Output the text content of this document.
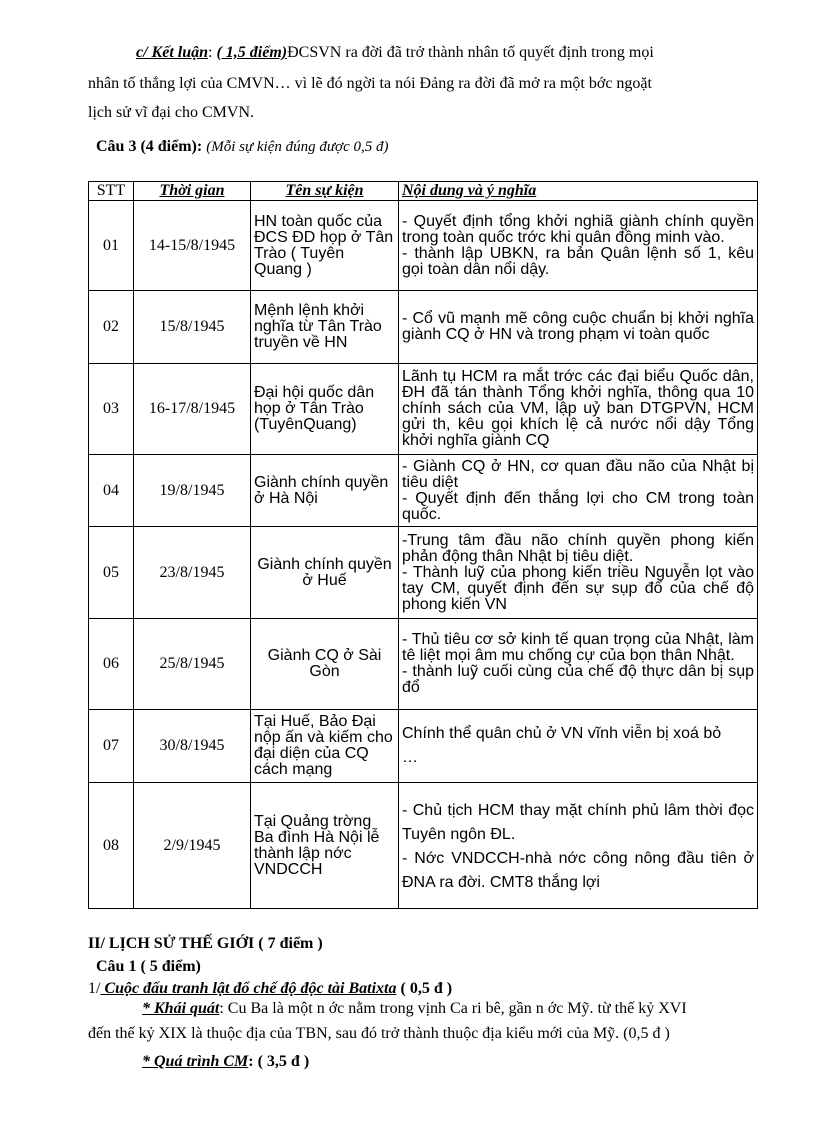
c/ Kết luận: ( 1,5 điểm)ĐCSVN ra đời đã trở thành nhân tố quyết định trong mọi
nhân tố thắng lợi của CMVN… vì lẽ đó ngời ta nói Đảng ra đời đã mở ra một bớc ngoặt
lịch sử vĩ đại cho CMVN.
Câu 3 (4 điểm): (Mỗi sự kiện đúng được 0,5 đ)
STT	Thời gian	Tên sự kiện	Nội dung và ý nghĩa
01	14-15/8/1945	HN toàn quốc của ĐCS ĐD họp ở Tân Trào ( Tuyên Quang )	- Quyết định tổng khởi nghiã giành chính quyền trong toàn quốc trớc khi quân đồng minh vào.
- thành lập UBKN, ra bản Quân lệnh số 1, kêu gọi toàn dân nổi dậy.
02	15/8/1945	Mệnh lệnh khởi nghĩa từ Tân Trào truyền về HN	- Cổ vũ mạnh mẽ công cuộc chuẩn bị khởi nghĩa giành CQ ở HN và trong phạm vi toàn quốc
03	16-17/8/1945	Đại hội quốc dân họp ở Tân Trào (TuyênQuang)	Lãnh tụ HCM ra mắt trớc các đại biểu Quốc dân, ĐH đã tán thành Tổng khởi nghĩa, thông qua 10 chính sách của VM, lập uỷ ban DTGPVN, HCM gửi th, kêu gọi khích lệ cả nước nổi dậy Tổng khởi nghĩa giành CQ
04	19/8/1945	Giành chính quyền ở Hà Nội	- Giành CQ ở HN, cơ quan đầu não của Nhật bị tiêu diệt
- Quyết định đến thắng lợi cho CM trong toàn quốc.
05	23/8/1945	Giành chính quyền ở Huế	-Trung tâm đầu não chính quyền phong kiến phản động thân Nhật bị tiêu diệt.
- Thành luỹ của phong kiến triều Nguyễn lọt vào tay CM, quyết định đến sự sụp đổ của chế độ phong kiến VN
06	25/8/1945	Giành CQ ở Sài Gòn	- Thủ tiêu cơ sở kinh tế quan trọng của Nhật, làm tê liệt mọi âm mu chống cự của bọn thân Nhật.
- thành luỹ cuối cùng của chế độ thực dân bị sụp đổ
07	30/8/1945	Tại Huế, Bảo Đại nộp ấn và kiếm cho đại diện của CQ cách mạng	Chính thể quân chủ ở VN vĩnh viễn bị xoá bỏ
…
08	2/9/1945	Tại Quảng trờng Ba đình Hà Nội lễ thành lập nớc VNDCCH	- Chủ tịch HCM thay mặt chính phủ lâm thời đọc Tuyên ngôn ĐL.
- Nớc VNDCCH-nhà nớc công nông đầu tiên ở ĐNA ra đời. CMT8 thắng lợi
II/ LỊCH SỬ THẾ GIỚI ( 7 điểm )
Câu 1 ( 5 điểm)
1/ Cuộc đấu tranh lật đổ chế độ độc tài Batixta ( 0,5 đ )
* Khái quát: Cu Ba là một n ớc nằm trong vịnh Ca ri bê, gần n ớc Mỹ. từ thế kỷ XVI
đến thế kỷ XIX là thuộc địa của TBN, sau đó trở thành thuộc địa kiểu mới của Mỹ. (0,5 đ )
* Quá trình CM: ( 3,5 đ )
